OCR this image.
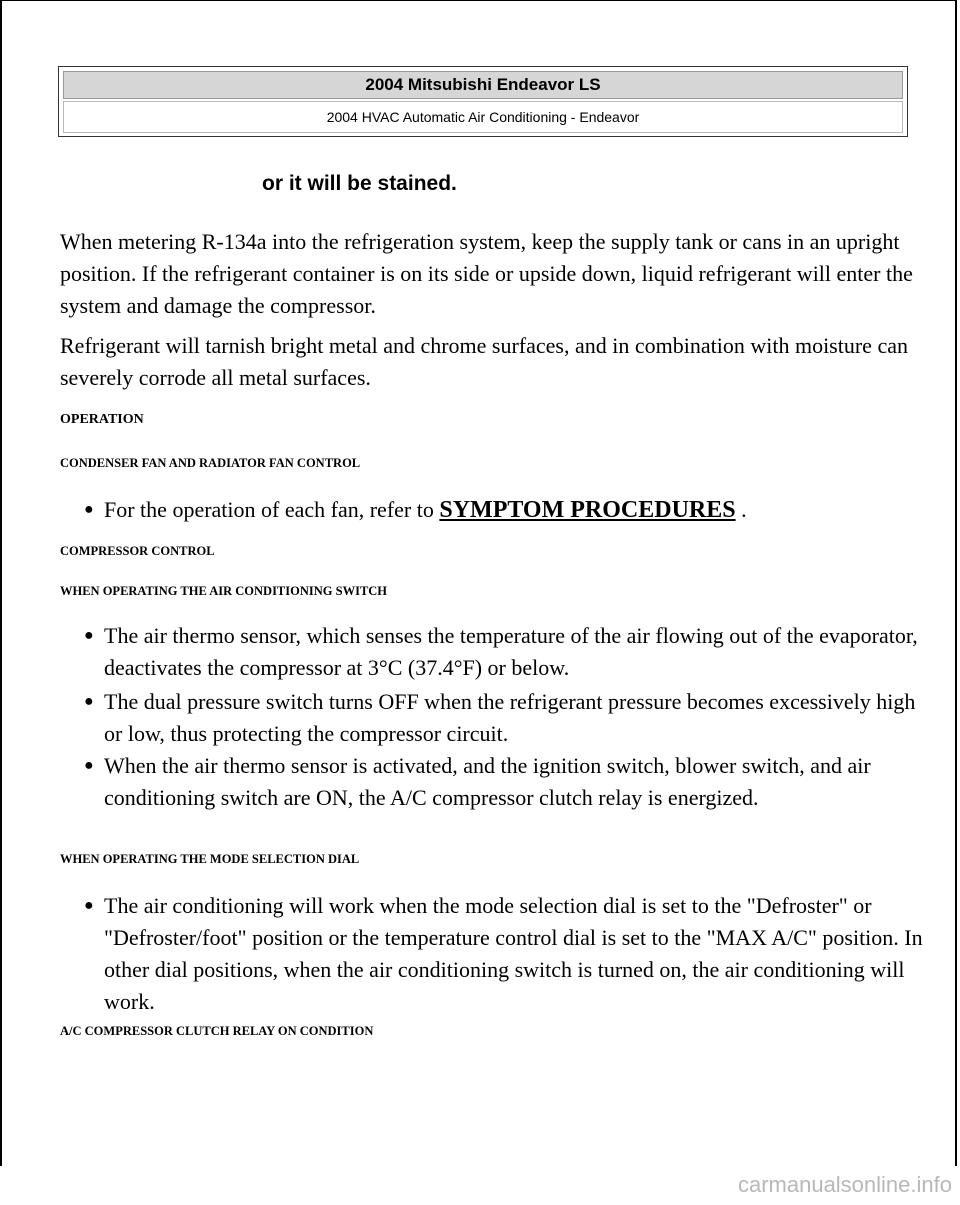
2004 Mitsubishi Endeavor LS
2004 HVAC Automatic Air Conditioning - Endeavor
or it will be stained.

When metering R-134a into the refrigeration system, keep the supply tank or cans in an upright position. If the refrigerant container is on its side or upside down, liquid refrigerant will enter the system and damage the compressor.

Refrigerant will tarnish bright metal and chrome surfaces, and in combination with moisture can severely corrode all metal surfaces.

OPERATION
CONDENSER FAN AND RADIATOR FAN CONTROL
● For the operation of each fan, refer to SYMPTOM PROCEDURES .
COMPRESSOR CONTROL
WHEN OPERATING THE AIR CONDITIONING SWITCH
● The air thermo sensor, which senses the temperature of the air flowing out of the evaporator, deactivates the compressor at 3°C (37.4°F) or below.
● The dual pressure switch turns OFF when the refrigerant pressure becomes excessively high or low, thus protecting the compressor circuit.
● When the air thermo sensor is activated, and the ignition switch, blower switch, and air conditioning switch are ON, the A/C compressor clutch relay is energized.
WHEN OPERATING THE MODE SELECTION DIAL
● The air conditioning will work when the mode selection dial is set to the "Defroster" or "Defroster/foot" position or the temperature control dial is set to the "MAX A/C" position. In other dial positions, when the air conditioning switch is turned on, the air conditioning will work.
A/C COMPRESSOR CLUTCH RELAY ON CONDITION
carmanualsonline.info
